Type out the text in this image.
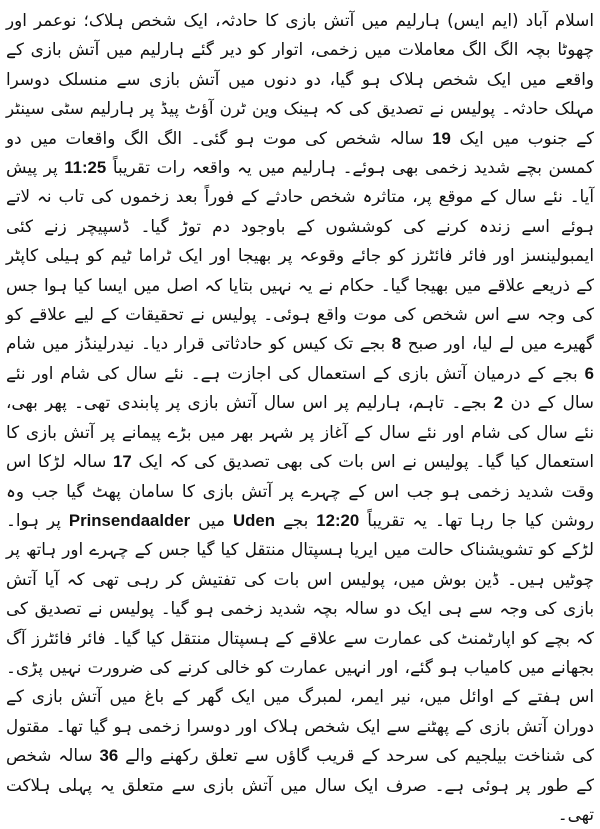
اسلام آباد (ایم ایس) ہارلیم میں آتش بازی کا حادثہ، ایک شخص ہلاک؛ نوعمر اور چھوٹا بچہ الگ الگ معاملات میں زخمی، اتوار کو دیر گئے ہارلیم میں آتش بازی کے واقعے میں ایک شخص ہلاک ہو گیا، دو دنوں میں آتش بازی سے منسلک دوسرا مہلک حادثہ۔ پولیس نے تصدیق کی کہ ہینک وین ٹرن آؤٹ پیڈ پر ہارلیم سٹی سینٹر کے جنوب میں ایک 19 سالہ شخص کی موت ہو گئی۔ الگ الگ واقعات میں دو کمسن بچے شدید زخمی بھی ہوئے۔ ہارلیم میں یہ واقعہ رات تقریباً 11:25 پر پیش آیا۔ نئے سال کے موقع پر، متاثرہ شخص حادثے کے فوراً بعد زخموں کی تاب نہ لاتے ہوئے اسے زندہ کرنے کی کوششوں کے باوجود دم توڑ گیا۔ ڈسپیچر زنے کئی ایمبولینسز اور فائر فائٹرز کو جائے وقوعہ پر بھیجا اور ایک ٹراما ٹیم کو ہیلی کاپٹر کے ذریعے علاقے میں بھیجا گیا۔ حکام نے یہ نہیں بتایا کہ اصل میں ایسا کیا ہوا جس کی وجہ سے اس شخص کی موت واقع ہوئی۔ پولیس نے تحقیقات کے لیے علاقے کو گھیرے میں لے لیا، اور صبح 8 بجے تک کیس کو حادثاتی قرار دیا۔ نیدرلینڈز میں شام 6 بجے کے درمیان آتش بازی کے استعمال کی اجازت ہے۔ نئے سال کی شام اور نئے سال کے دن 2 بجے۔ تاہم، ہارلیم پر اس سال آتش بازی پر پابندی تھی۔ پھر بھی، نئے سال کی شام اور نئے سال کے آغاز پر شہر بھر میں بڑے پیمانے پر آتش بازی کا استعمال کیا گیا۔ پولیس نے اس بات کی بھی تصدیق کی کہ ایک 17 سالہ لڑکا اس وقت شدید زخمی ہو جب اس کے چہرے پر آتش بازی کا سامان پھٹ گیا جب وہ روشن کیا جا رہا تھا۔ یہ تقریباً 12:20 بجے Uden میں Prinsendaalder پر ہوا۔ لڑکے کو تشویشناک حالت میں ایریا ہسپتال منتقل کیا گیا جس کے چہرے اور ہاتھ پر چوٹیں ہیں۔ ڈین بوش میں، پولیس اس بات کی تفتیش کر رہی تھی کہ آیا آتش بازی کی وجہ سے ہی ایک دو سالہ بچہ شدید زخمی ہو گیا۔ پولیس نے تصدیق کی کہ بچے کو اپارٹمنٹ کی عمارت سے علاقے کے ہسپتال منتقل کیا گیا۔ فائر فائٹرز آگ بجھانے میں کامیاب ہو گئے، اور انہیں عمارت کو خالی کرنے کی ضرورت نہیں پڑی۔ اس ہفتے کے اوائل میں، نیر ایمر، لمبرگ میں ایک گھر کے باغ میں آتش بازی کے دوران آتش بازی کے پھٹنے سے ایک شخص ہلاک اور دوسرا زخمی ہو گیا تھا۔ مقتول کی شناخت بیلجیم کی سرحد کے قریب گاؤں سے تعلق رکھنے والے 36 سالہ شخص کے طور پر ہوئی ہے۔ صرف ایک سال میں آتش بازی سے متعلق یہ پہلی ہلاکت تھی۔
